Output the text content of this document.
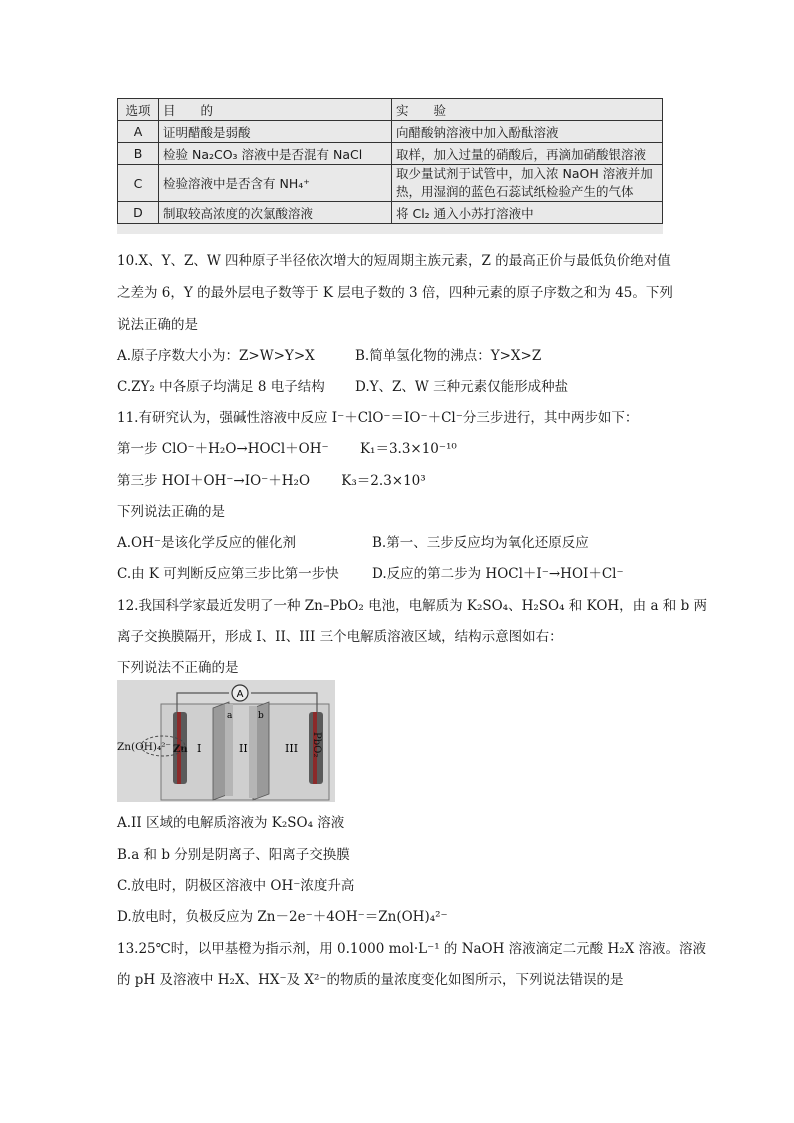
选项	目　　的	实　　验
A	证明醋酸是弱酸	向醋酸钠溶液中加入酚酞溶液
B	检验 Na₂CO₃ 溶液中是否混有 NaCl	取样，加入过量的硝酸后，再滴加硝酸银溶液
C	检验溶液中是否含有 NH₄⁺	取少量试剂于试管中，加入浓 NaOH 溶液并加
热，用湿润的蓝色石蕊试纸检验产生的气体

D	制取较高浓度的次氯酸溶液	将 Cl₂ 通入小苏打溶液中
10.X、Y、Z、W 四种原子半径依次增大的短周期主族元素，Z 的最高正价与最低负价绝对值
之差为 6，Y 的最外层电子数等于 K 层电子数的 3 倍，四种元素的原子序数之和为 45。下列
说法正确的是
A.原子序数大小为：Z>W>Y>X	B.简单氢化物的沸点：Y>X>Z
C.ZY₂ 中各原子均满足 8 电子结构 D.Y、Z、W 三种元素仅能形成种盐
11.有研究认为，强碱性溶液中反应 I⁻＋ClO⁻＝IO⁻＋Cl⁻分三步进行，其中两步如下：
第一步 ClO⁻＋H₂O→HOCl＋OH⁻　　 K₁＝3.3×10⁻¹⁰
第三步 HOI＋OH⁻→IO⁻＋H₂O　　 K₃＝2.3×10³
下列说法正确的是
A.OH⁻是该化学反应的催化剂	B.第一、三步反应均为氧化还原反应
C.由 K 可判断反应第三步比第一步快 D.反应的第二步为 HOCl＋I⁻→HOI＋Cl⁻
12.我国科学家最近发明了一种 Zn–PbO₂ 电池，电解质为 K₂SO₄、H₂SO₄ 和 KOH，由 a 和 b 两
离子交换膜隔开，形成 I、II、III 三个电解质溶液区域，结构示意图如右：
下列说法不正确的是
A
a	b
Zn I	II	III PbO₂
Zn(OH)₄²⁻
A.II 区域的电解质溶液为 K₂SO₄ 溶液
B.a 和 b 分别是阴离子、阳离子交换膜
C.放电时，阴极区溶液中 OH⁻浓度升高
D.放电时，负极反应为 Zn－2e⁻＋4OH⁻＝Zn(OH)₄²⁻
13.25℃时，以甲基橙为指示剂，用 0.1000 mol·L⁻¹ 的 NaOH 溶液滴定二元酸 H₂X 溶液。溶液
的 pH 及溶液中 H₂X、HX⁻及 X²⁻的物质的量浓度变化如图所示，下列说法错误的是
